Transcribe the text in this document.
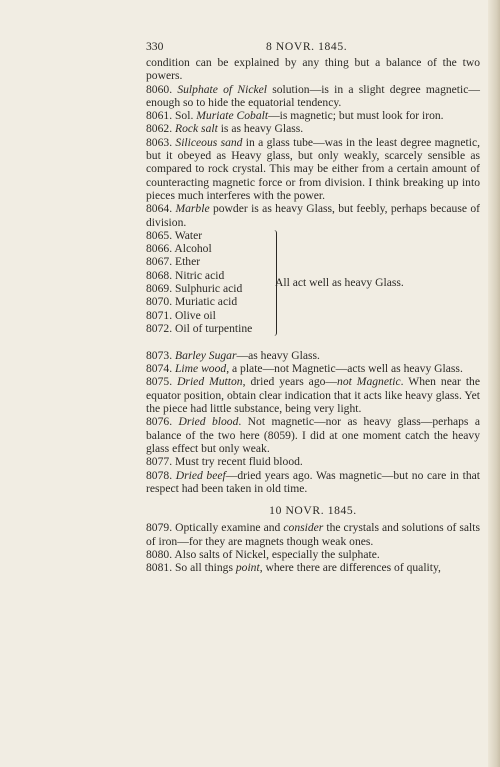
330	8 NOVR. 1845.

condition can be explained by any thing but a balance of the two powers.

8060. Sulphate of Nickel solution—is in a slight degree magnetic—enough so to hide the equatorial tendency.

8061. Sol. Muriate Cobalt—is magnetic; but must look for iron.

8062. Rock salt is as heavy Glass.

8063. Siliceous sand in a glass tube—was in the least degree magnetic, but it obeyed as Heavy glass, but only weakly, scarcely sensible as compared to rock crystal. This may be either from a certain amount of counteracting magnetic force or from division. I think breaking up into pieces much interferes with the power.

8064. Marble powder is as heavy Glass, but feebly, perhaps because of division.

8065. Water
8066. Alcohol
8067. Ether
8068. Nitric acid
8069. Sulphuric acid
8070. Muriatic acid
8071. Olive oil
8072. Oil of turpentine
All act well as heavy Glass.

8073. Barley Sugar—as heavy Glass.

8074. Lime wood, a plate—not Magnetic—acts well as heavy Glass.

8075. Dried Mutton, dried years ago—not Magnetic. When near the equator position, obtain clear indication that it acts like heavy glass. Yet the piece had little substance, being very light.

8076. Dried blood. Not magnetic—nor as heavy glass—perhaps a balance of the two here (8059). I did at one moment catch the heavy glass effect but only weak.

8077. Must try recent fluid blood.

8078. Dried beef—dried years ago. Was magnetic—but no care in that respect had been taken in old time.

10 NOVR. 1845.

8079. Optically examine and consider the crystals and solutions of salts of iron—for they are magnets though weak ones.

8080. Also salts of Nickel, especially the sulphate.

8081. So all things point, where there are differences of quality,
